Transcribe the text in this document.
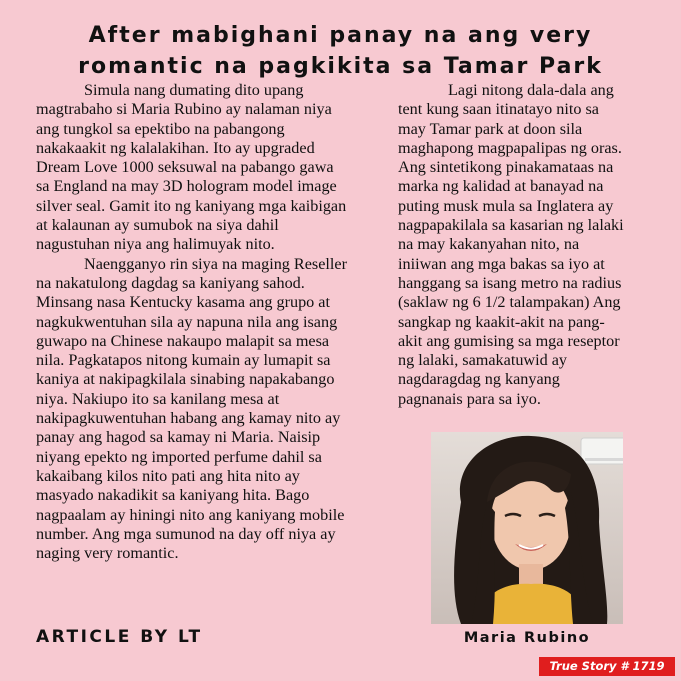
After mabighani panay na ang very
romantic na pagkikita sa Tamar Park

Simula nang dumating dito upang
magtrabaho si Maria Rubino ay nalaman niya
ang tungkol sa epektibo na pabangong
nakakaakit ng kalalakihan. Ito ay upgraded
Dream Love 1000 seksuwal na pabango gawa
sa England na may 3D hologram model image
silver seal. Gamit ito ng kaniyang mga kaibigan
at kalaunan ay sumubok na siya dahil
nagustuhan niya ang halimuyak nito.

Naengganyo rin siya na maging Reseller
na nakatulong dagdag sa kaniyang sahod.
Minsang nasa Kentucky kasama ang grupo at
nagkukwentuhan sila ay napuna nila ang isang
guwapo na Chinese nakaupo malapit sa mesa
nila. Pagkatapos nitong kumain ay lumapit sa
kaniya at nakipagkilala sinabing napakabango
niya. Nakiupo ito sa kanilang mesa at
nakipagkuwentuhan habang ang kamay nito ay
panay ang hagod sa kamay ni Maria. Naisip
niyang epekto ng imported perfume dahil sa
kakaibang kilos nito pati ang hita nito ay
masyado nakadikit sa kaniyang hita. Bago
nagpaalam ay hiningi nito ang kaniyang mobile
number. Ang mga sumunod na day off niya ay
naging very romantic.

Lagi nitong dala-dala ang
tent kung saan itinatayo nito sa
may Tamar park at doon sila
maghapong magpapalipas ng oras.
Ang sintetikong pinakamataas na
marka ng kalidad at banayad na
puting musk mula sa Inglatera ay
nagpapakilala sa kasarian ng lalaki
na may kakanyahan nito, na
iniiwan ang mga bakas sa iyo at
hanggang sa isang metro na radius
(saklaw ng 6 1/2 talampakan) Ang
sangkap ng kaakit-akit na pang-
akit ang gumising sa mga reseptor
ng lalaki, samakatuwid ay
nagdaragdag ng kanyang
pagnanais para sa iyo.

Maria Rubino
ARTICLE BY LT
True Story # 1719
